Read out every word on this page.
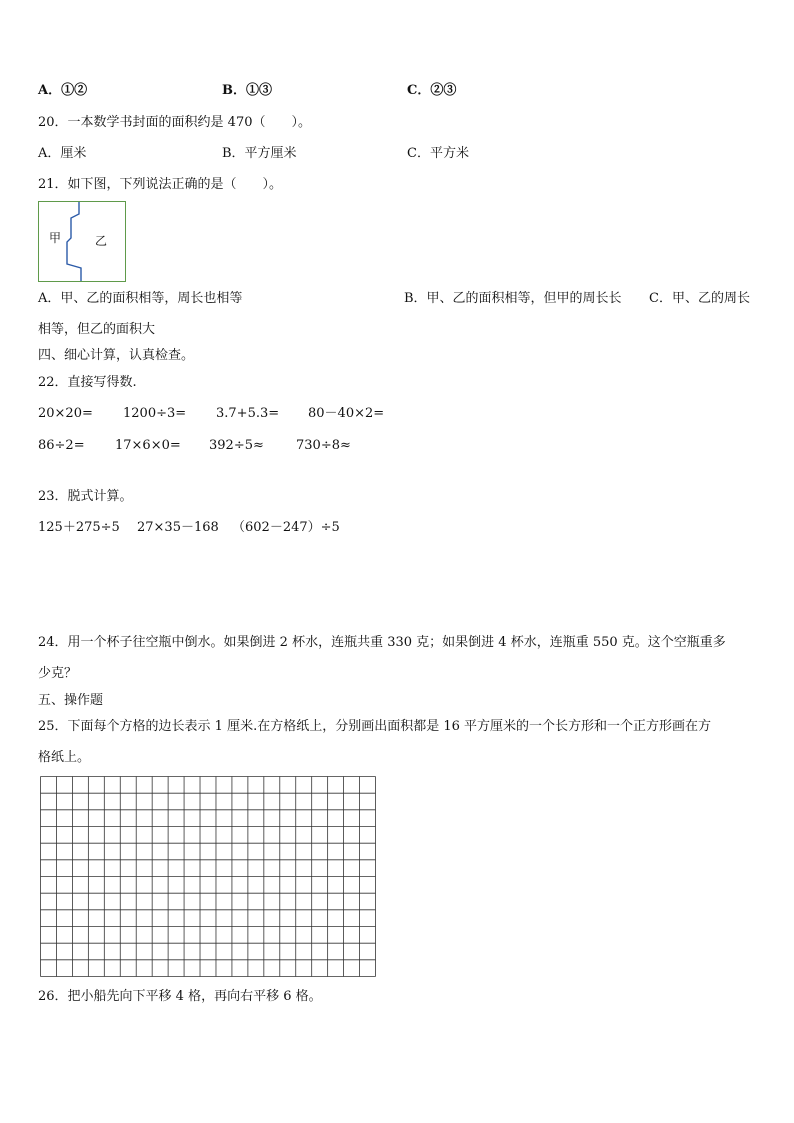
A．①②	B．①③	C．②③
20．一本数学书封面的面积约是 470（　　）。
A．厘米	B．平方厘米	C．平方米
21．如下图，下列说法正确的是（　　）。
甲	乙
A．甲、乙的面积相等，周长也相等	B．甲、乙的面积相等，但甲的周长长 C．甲、乙的周长
相等，但乙的面积大
四、细心计算，认真检查。
22．直接写得数.
20×20= 1200÷3= 3.7+5.3= 80－40×2=
86÷2= 17×6×0= 392÷5≈ 730÷8≈
23．脱式计算。
125＋275÷5 27×35－168 （602－247）÷5
24．用一个杯子往空瓶中倒水。如果倒进 2 杯水，连瓶共重 330 克；如果倒进 4 杯水，连瓶重 550 克。这个空瓶重多
少克？
五、操作题
25．下面每个方格的边长表示 1 厘米.在方格纸上，分别画出面积都是 16 平方厘米的一个长方形和一个正方形画在方
格纸上。
26．把小船先向下平移 4 格，再向右平移 6 格。
